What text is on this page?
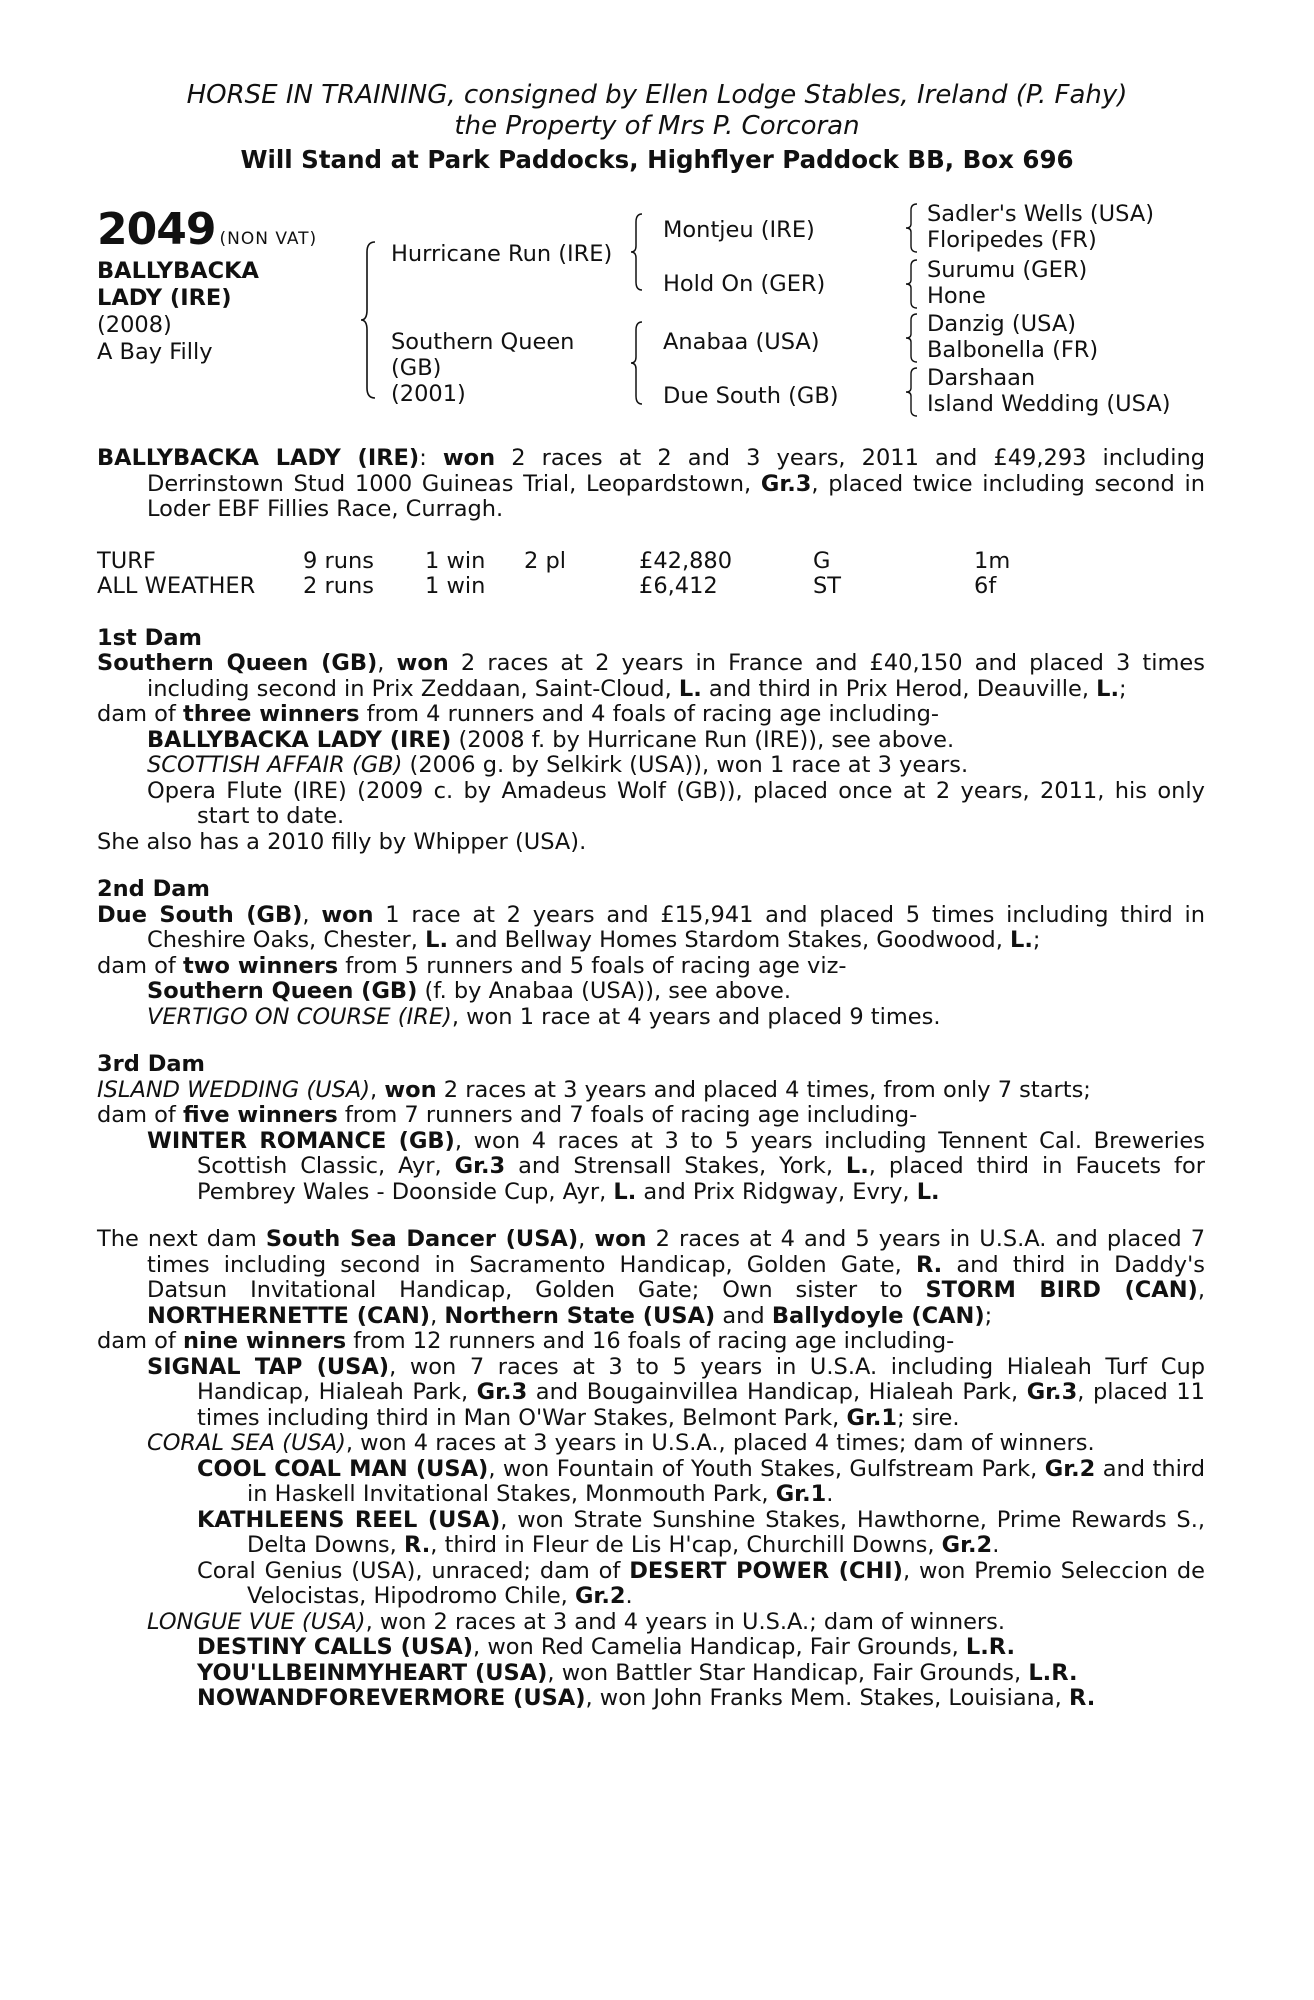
HORSE IN TRAINING, consigned by Ellen Lodge Stables, Ireland (P. Fahy)
the Property of Mrs P. Corcoran
Will Stand at Park Paddocks, Highflyer Paddock BB, Box 696
2049 (NON VAT)
BALLYBACKA
LADY (IRE)
(2008)
A Bay Filly
Hurricane Run (IRE)
Southern Queen
(GB)
(2001)
Montjeu (IRE)
Hold On (GER)
Anabaa (USA)
Due South (GB)
Sadler's Wells (USA)
Floripedes (FR)
Surumu (GER)
Hone
Danzig (USA)
Balbonella (FR)
Darshaan
Island Wedding (USA)
BALLYBACKA LADY (IRE): won 2 races at 2 and 3 years, 2011 and £49,293 including Derrinstown Stud 1000 Guineas Trial, Leopardstown, Gr.3, placed twice including second in Loder EBF Fillies Race, Curragh.
TURF	9 runs 1 win 2 pl	£42,880	G	1m
ALL WEATHER 2 runs 1 win	£6,412	ST	6f
1st Dam
Southern Queen (GB), won 2 races at 2 years in France and £40,150 and placed 3 times including second in Prix Zeddaan, Saint-Cloud, L. and third in Prix Herod, Deauville, L.;
dam of three winners from 4 runners and 4 foals of racing age including-
BALLYBACKA LADY (IRE) (2008 f. by Hurricane Run (IRE)), see above.
SCOTTISH AFFAIR (GB) (2006 g. by Selkirk (USA)), won 1 race at 3 years.
Opera Flute (IRE) (2009 c. by Amadeus Wolf (GB)), placed once at 2 years, 2011, his only start to date.
She also has a 2010 filly by Whipper (USA).
2nd Dam
Due South (GB), won 1 race at 2 years and £15,941 and placed 5 times including third in Cheshire Oaks, Chester, L. and Bellway Homes Stardom Stakes, Goodwood, L.;
dam of two winners from 5 runners and 5 foals of racing age viz-
Southern Queen (GB) (f. by Anabaa (USA)), see above.
VERTIGO ON COURSE (IRE), won 1 race at 4 years and placed 9 times.
3rd Dam
ISLAND WEDDING (USA), won 2 races at 3 years and placed 4 times, from only 7 starts;
dam of five winners from 7 runners and 7 foals of racing age including-
WINTER ROMANCE (GB), won 4 races at 3 to 5 years including Tennent Cal. Breweries Scottish Classic, Ayr, Gr.3 and Strensall Stakes, York, L., placed third in Faucets for Pembrey Wales - Doonside Cup, Ayr, L. and Prix Ridgway, Evry, L.
The next dam South Sea Dancer (USA), won 2 races at 4 and 5 years in U.S.A. and placed 7 times including second in Sacramento Handicap, Golden Gate, R. and third in Daddy's Datsun Invitational Handicap, Golden Gate; Own sister to STORM BIRD (CAN), NORTHERNETTE (CAN), Northern State (USA) and Ballydoyle (CAN);
dam of nine winners from 12 runners and 16 foals of racing age including-
SIGNAL TAP (USA), won 7 races at 3 to 5 years in U.S.A. including Hialeah Turf Cup Handicap, Hialeah Park, Gr.3 and Bougainvillea Handicap, Hialeah Park, Gr.3, placed 11 times including third in Man O'War Stakes, Belmont Park, Gr.1; sire.
CORAL SEA (USA), won 4 races at 3 years in U.S.A., placed 4 times; dam of winners.
COOL COAL MAN (USA), won Fountain of Youth Stakes, Gulfstream Park, Gr.2 and third in Haskell Invitational Stakes, Monmouth Park, Gr.1.
KATHLEENS REEL (USA), won Strate Sunshine Stakes, Hawthorne, Prime Rewards S., Delta Downs, R., third in Fleur de Lis H'cap, Churchill Downs, Gr.2.
Coral Genius (USA), unraced; dam of DESERT POWER (CHI), won Premio Seleccion de Velocistas, Hipodromo Chile, Gr.2.
LONGUE VUE (USA), won 2 races at 3 and 4 years in U.S.A.; dam of winners.
DESTINY CALLS (USA), won Red Camelia Handicap, Fair Grounds, L.R.
YOU'LLBEINMYHEART (USA), won Battler Star Handicap, Fair Grounds, L.R.
NOWANDFOREVERMORE (USA), won John Franks Mem. Stakes, Louisiana, R.
